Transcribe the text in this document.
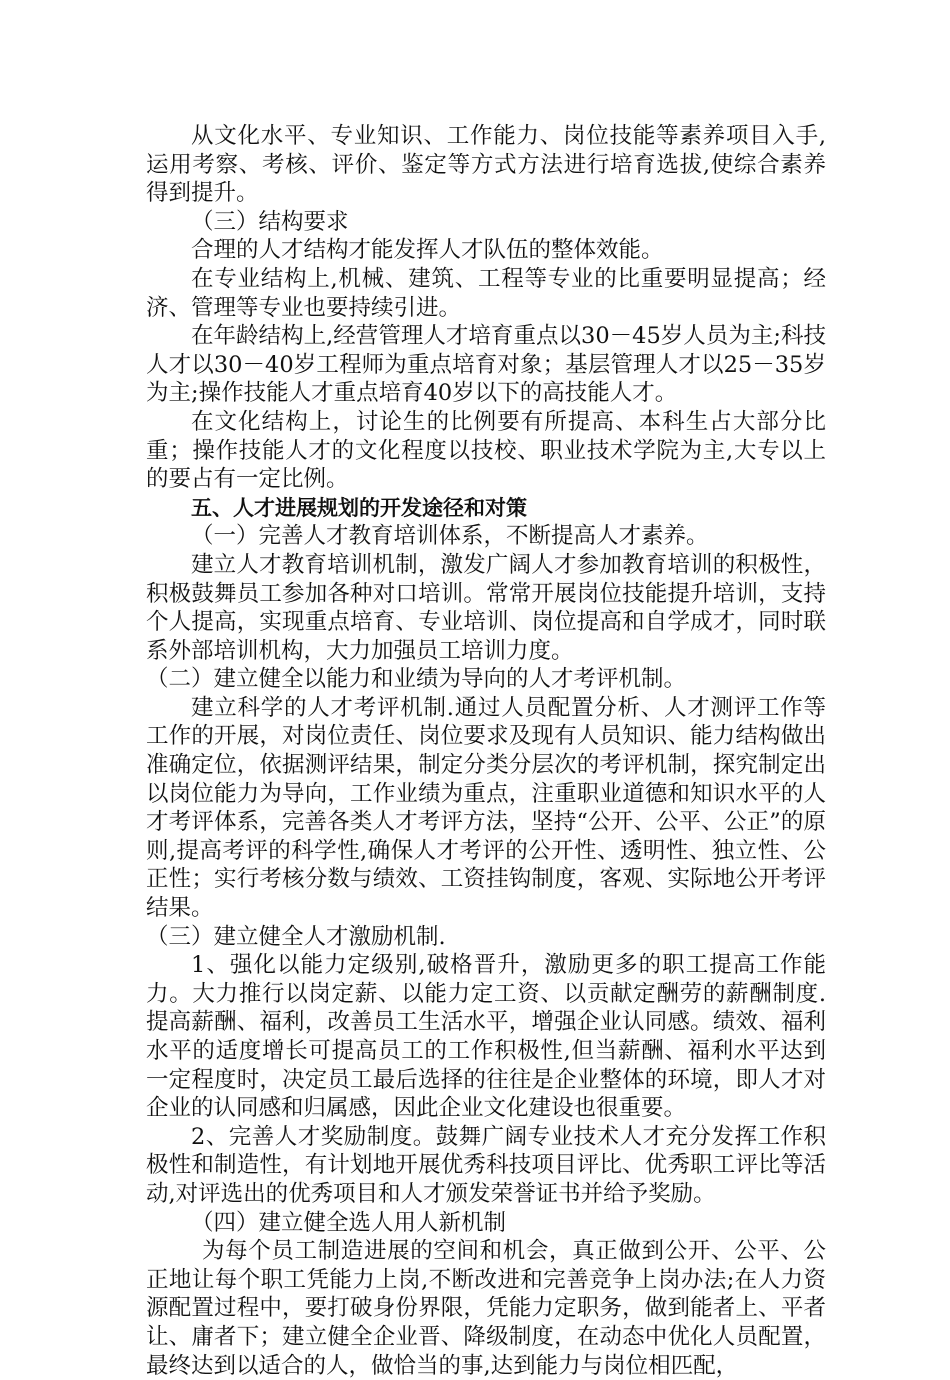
从文化水平、专业知识、工作能力、岗位技能等素养项目入手,运用考察、考核、评价、鉴定等方式方法进行培育选拔,使综合素养得到提升。

（三）结构要求

合理的人才结构才能发挥人才队伍的整体效能。

在专业结构上,机械、建筑、工程等专业的比重要明显提高；经济、管理等专业也要持续引进。

在年龄结构上,经营管理人才培育重点以30－45岁人员为主;科技人才以30－40岁工程师为重点培育对象；基层管理人才以25－35岁为主;操作技能人才重点培育40岁以下的高技能人才。

在文化结构上，讨论生的比例要有所提高、本科生占大部分比重；操作技能人才的文化程度以技校、职业技术学院为主,大专以上的要占有一定比例。

五、人才进展规划的开发途径和对策

（一）完善人才教育培训体系，不断提高人才素养。

建立人才教育培训机制，激发广阔人才参加教育培训的积极性，积极鼓舞员工参加各种对口培训。常常开展岗位技能提升培训，支持个人提高，实现重点培育、专业培训、岗位提高和自学成才，同时联系外部培训机构，大力加强员工培训力度。

（二）建立健全以能力和业绩为导向的人才考评机制。

建立科学的人才考评机制.通过人员配置分析、人才测评工作等工作的开展，对岗位责任、岗位要求及现有人员知识、能力结构做出准确定位，依据测评结果，制定分类分层次的考评机制，探究制定出以岗位能力为导向，工作业绩为重点，注重职业道德和知识水平的人才考评体系，完善各类人才考评方法，坚持“公开、公平、公正”的原则,提高考评的科学性,确保人才考评的公开性、透明性、独立性、公正性；实行考核分数与绩效、工资挂钩制度，客观、实际地公开考评结果。

（三）建立健全人才激励机制.

1、强化以能力定级别,破格晋升，激励更多的职工提高工作能力。大力推行以岗定薪、以能力定工资、以贡献定酬劳的薪酬制度.提高薪酬、福利，改善员工生活水平，增强企业认同感。绩效、福利水平的适度增长可提高员工的工作积极性,但当薪酬、福利水平达到一定程度时，决定员工最后选择的往往是企业整体的环境，即人才对企业的认同感和归属感，因此企业文化建设也很重要。

2、完善人才奖励制度。鼓舞广阔专业技术人才充分发挥工作积极性和制造性，有计划地开展优秀科技项目评比、优秀职工评比等活动,对评选出的优秀项目和人才颁发荣誉证书并给予奖励。

（四）建立健全选人用人新机制

为每个员工制造进展的空间和机会，真正做到公开、公平、公正地让每个职工凭能力上岗,不断改进和完善竞争上岗办法;在人力资源配置过程中，要打破身份界限，凭能力定职务，做到能者上、平者让、庸者下；建立健全企业晋、降级制度，在动态中优化人员配置，最终达到以适合的人，做恰当的事,达到能力与岗位相匹配，
